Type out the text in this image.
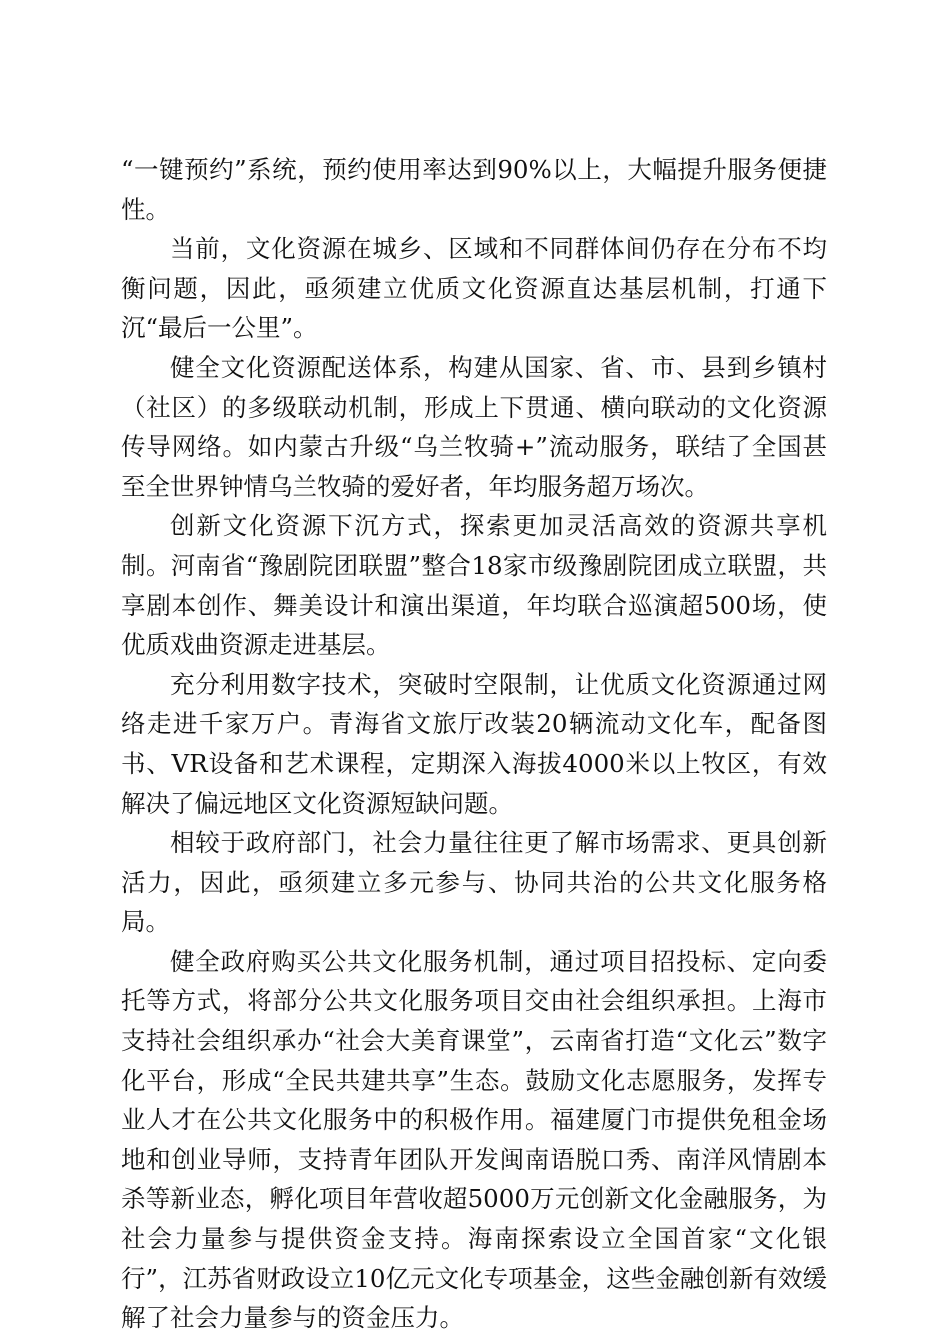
“一键预约”系统，预约使用率达到90%以上，大幅提升服务便捷性。

当前，文化资源在城乡、区域和不同群体间仍存在分布不均衡问题，因此，亟须建立优质文化资源直达基层机制，打通下沉“最后一公里”。

健全文化资源配送体系，构建从国家、省、市、县到乡镇村（社区）的多级联动机制，形成上下贯通、横向联动的文化资源传导网络。如内蒙古升级“乌兰牧骑+”流动服务，联结了全国甚至全世界钟情乌兰牧骑的爱好者，年均服务超万场次。

创新文化资源下沉方式，探索更加灵活高效的资源共享机制。河南省“豫剧院团联盟”整合18家市级豫剧院团成立联盟，共享剧本创作、舞美设计和演出渠道，年均联合巡演超500场，使优质戏曲资源走进基层。

充分利用数字技术，突破时空限制，让优质文化资源通过网络走进千家万户。青海省文旅厅改装20辆流动文化车，配备图书、VR设备和艺术课程，定期深入海拔4000米以上牧区，有效解决了偏远地区文化资源短缺问题。

相较于政府部门，社会力量往往更了解市场需求、更具创新活力，因此，亟须建立多元参与、协同共治的公共文化服务格局。

健全政府购买公共文化服务机制，通过项目招投标、定向委托等方式，将部分公共文化服务项目交由社会组织承担。上海市支持社会组织承办“社会大美育课堂”，云南省打造“文化云”数字化平台，形成“全民共建共享”生态。鼓励文化志愿服务，发挥专业人才在公共文化服务中的积极作用。福建厦门市提供免租金场地和创业导师，支持青年团队开发闽南语脱口秀、南洋风情剧本杀等新业态，孵化项目年营收超5000万元创新文化金融服务，为社会力量参与提供资金支持。海南探索设立全国首家“文化银行”，江苏省财政设立10亿元文化专项基金，这些金融创新有效缓解了社会力量参与的资金压力。
